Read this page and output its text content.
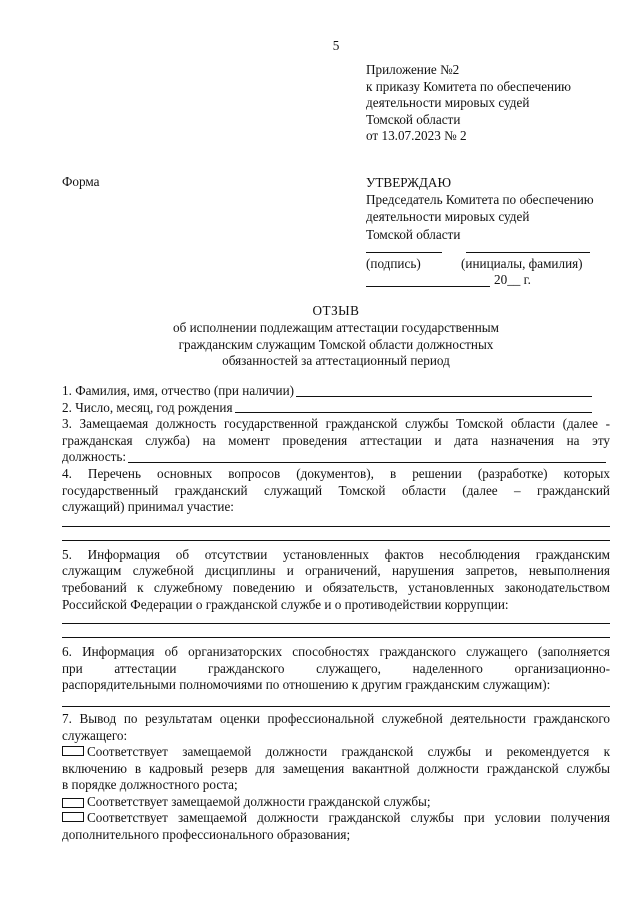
5
Приложение №2
к приказу Комитета по обеспечению
деятельности мировых судей
Томской области
от 13.07.2023 № 2
Форма	УТВЕРЖДАЮ
Председатель Комитета по обеспечению
деятельности мировых судей
Томской области
(подпись)	(инициалы, фамилия)
20__ г.
ОТЗЫВ
об исполнении подлежащим аттестации государственным
гражданским служащим Томской области должностных
обязанностей за аттестационный период
1. Фамилия, имя, отчество (при наличии)
2. Число, месяц, год рождения
3. Замещаемая должность государственной гражданской службы Томской области (далее -
гражданская служба) на момент проведения аттестации и дата назначения на эту
должность:
4. Перечень основных вопросов (документов), в решении (разработке) которых
государственный гражданский служащий Томской области (далее – гражданский
служащий) принимал участие:
5. Информация об отсутствии установленных фактов несоблюдения гражданским
служащим служебной дисциплины и ограничений, нарушения запретов, невыполнения
требований к служебному поведению и обязательств, установленных законодательством
Российской Федерации о гражданской службе и о противодействии коррупции:
6. Информация об организаторских способностях гражданского служащего (заполняется
при аттестации гражданского служащего, наделенного организационно-
распорядительными полномочиями по отношению к другим гражданским служащим):
7. Вывод по результатам оценки профессиональной служебной деятельности гражданского
служащего:
Соответствует замещаемой должности гражданской службы и рекомендуется к
включению в кадровый резерв для замещения вакантной должности гражданской службы
в порядке должностного роста;
Соответствует замещаемой должности гражданской службы;
Соответствует замещаемой должности гражданской службы при условии получения
дополнительного профессионального образования;
